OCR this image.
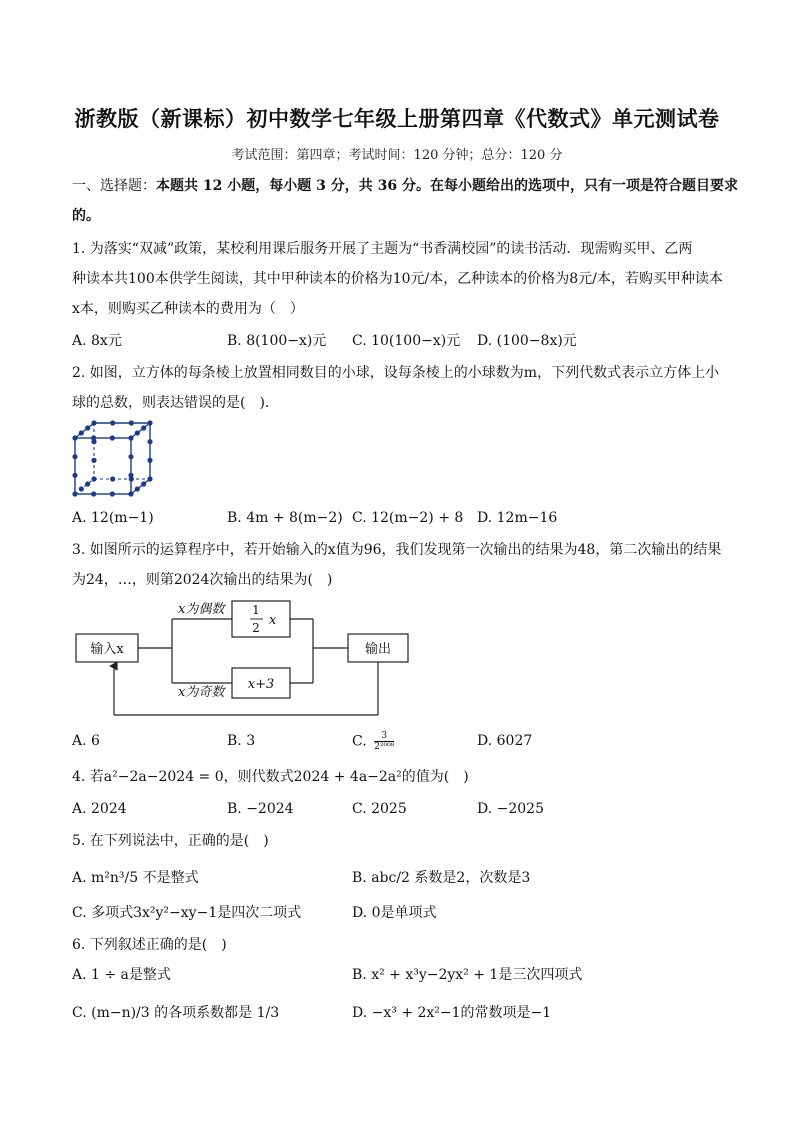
浙教版（新课标）初中数学七年级上册第四章《代数式》单元测试卷
考试范围：第四章；考试时间：120 分钟；总分：120 分
一、选择题：本题共 12 小题，每小题 3 分，共 36 分。在每小题给出的选项中，只有一项是符合题目要求
的。
1. 为落实“双减”政策，某校利用课后服务开展了主题为“书香满校园”的读书活动．现需购买甲、乙两
种读本共100本供学生阅读，其中甲种读本的价格为10元/本，乙种读本的价格为8元/本，若购买甲种读本
x本，则购买乙种读本的费用为（　）
A. 8x元	B. 8(100−x)元 C. 10(100−x)元 D. (100−8x)元
2. 如图，立方体的每条棱上放置相同数目的小球，设每条棱上的小球数为m，下列代数式表示立方体上小
球的总数，则表达错误的是(　)．
A. 12(m−1)	B. 4m + 8(m−2) C. 12(m−2) + 8 D. 12m−16
3. 如图所示的运算程序中，若开始输入的x值为96，我们发现第一次输出的结果为48，第二次输出的结果
为24，…，则第2024次输出的结果为(　)
输入x	输出
x为偶数
x为奇数
1
2 x
x+3
A. 6	B. 3	C. $\frac{3}{\text{2²⁰⁰⁸}}$	D. 6027
4. 若a²−2a−2024 = 0，则代数式2024 + 4a−2a²的值为(　)
A. 2024	B. −2024	C. 2025	D. −2025
5. 在下列说法中，正确的是(　)
A. m²n³/5 不是整式	B. abc/2 系数是2，次数是3
C. 多项式3x²y²−xy−1是四次二项式	D. 0是单项式
6. 下列叙述正确的是(　)
A. 1 ÷ a是整式	B. x² + x³y−2yx² + 1是三次四项式
C. (m−n)/3 的各项系数都是 1/3	D. −x³ + 2x²−1的常数项是−1
